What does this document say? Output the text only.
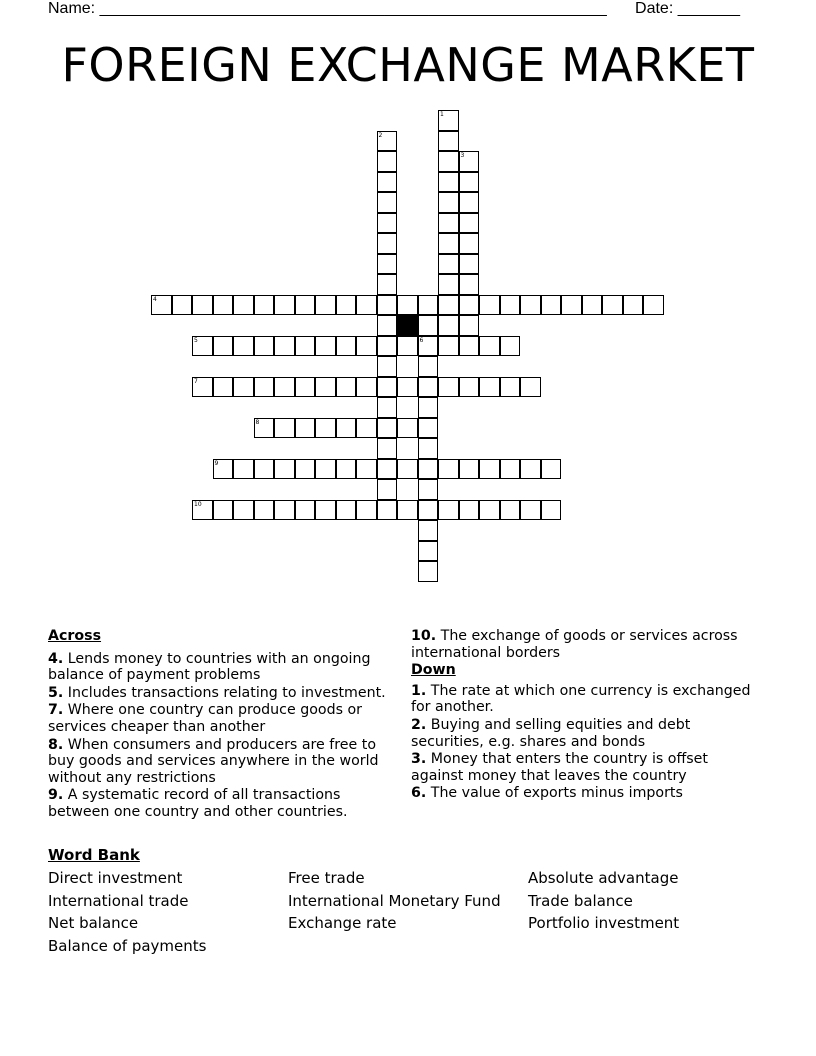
Name: _________________________________________________________ Date: _______
FOREIGN EXCHANGE MARKET
2
1
3
6
4
5
7
8
9
10
Across
4. Lends money to countries with an ongoing balance of payment problems
5. Includes transactions relating to investment.
7. Where one country can produce goods or services cheaper than another
8. When consumers and producers are free to buy goods and services anywhere in the world without any restrictions
9. A systematic record of all transactions between one country and other countries.
10. The exchange of goods or services across international borders
Down
1. The rate at which one currency is exchanged for another.
2. Buying and selling equities and debt securities, e.g. shares and bonds
3. Money that enters the country is offset against money that leaves the country
6. The value of exports minus imports
Word Bank
Direct investment	Free trade	Absolute advantage
International trade	International Monetary Fund	Trade balance
Net balance	Exchange rate	Portfolio investment
Balance of payments
